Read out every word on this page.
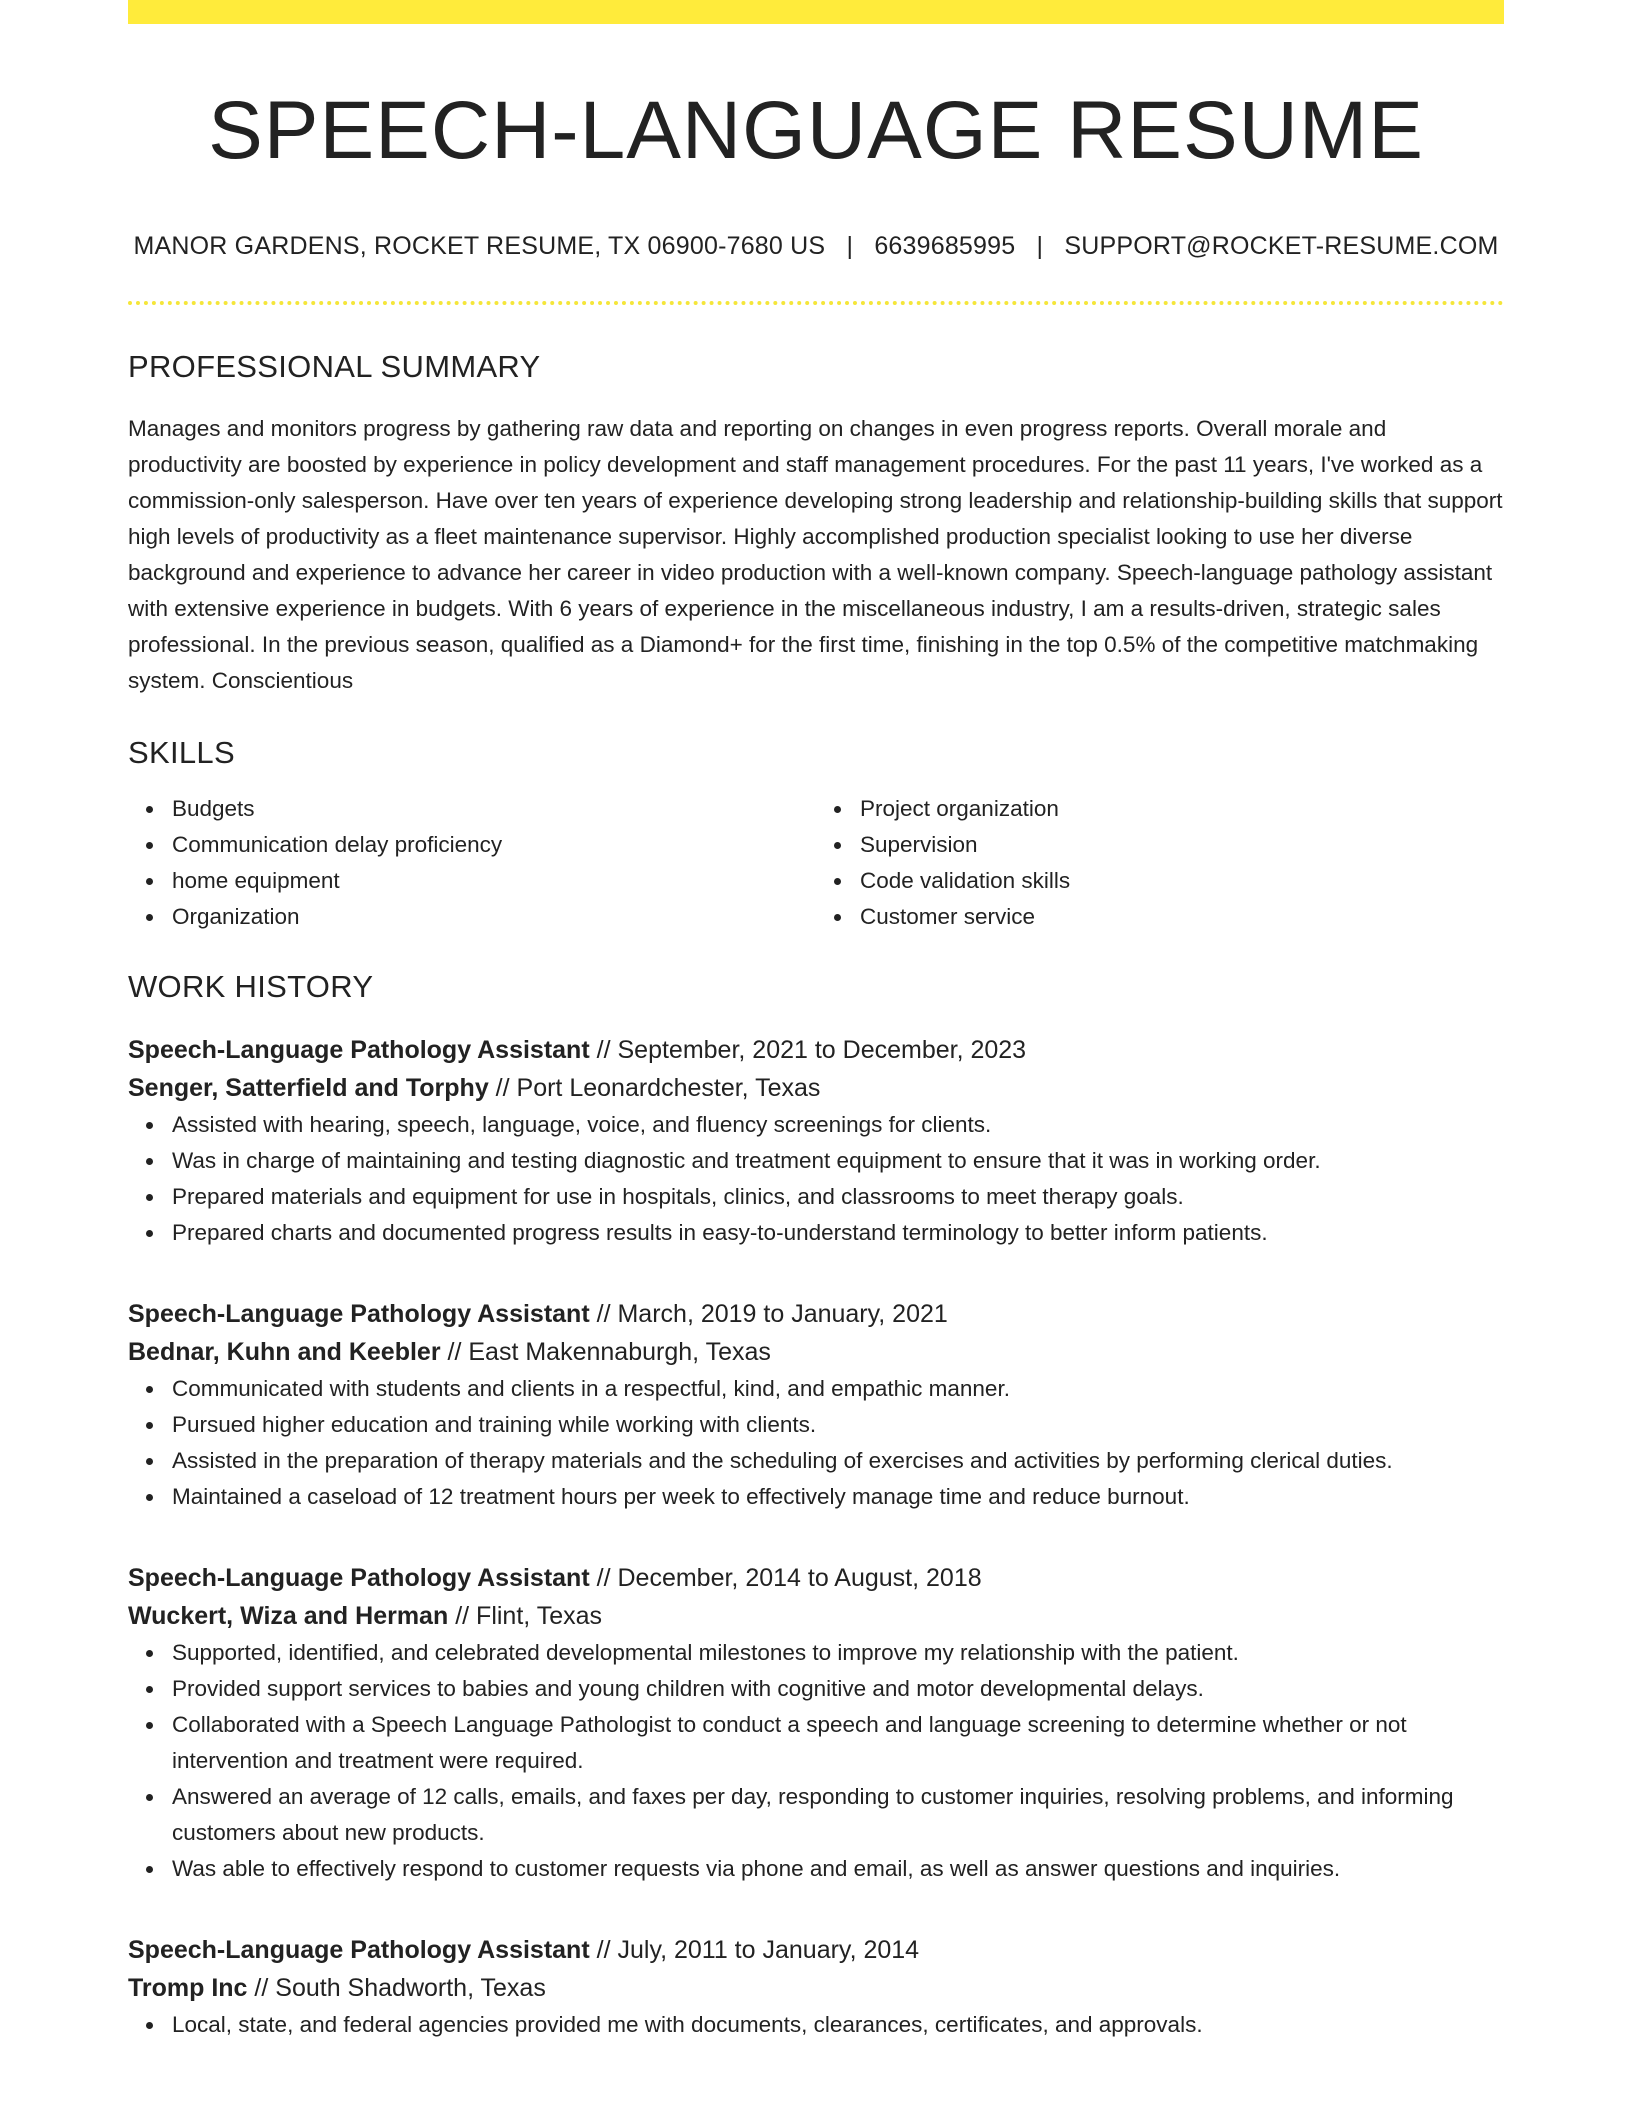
SPEECH-LANGUAGE RESUME
MANOR GARDENS, ROCKET RESUME, TX 06900-7680 US | 6639685995 | SUPPORT@ROCKET-RESUME.COM
PROFESSIONAL SUMMARY

Manages and monitors progress by gathering raw data and reporting on changes in even progress reports. Overall morale and productivity are boosted by experience in policy development and staff management procedures. For the past 11 years, I've worked as a commission-only salesperson. Have over ten years of experience developing strong leadership and relationship-building skills that support high levels of productivity as a fleet maintenance supervisor. Highly accomplished production specialist looking to use her diverse background and experience to advance her career in video production with a well-known company. Speech-language pathology assistant with extensive experience in budgets. With 6 years of experience in the miscellaneous industry, I am a results-driven, strategic sales professional. In the previous season, qualified as a Diamond+ for the first time, finishing in the top 0.5% of the competitive matchmaking system. Conscientious

SKILLS
Budgets
Communication delay proficiency
home equipment
Organization
Project organization
Supervision
Code validation skills
Customer service
WORK HISTORY
Speech-Language Pathology Assistant // September, 2021 to December, 2023
Senger, Satterfield and Torphy // Port Leonardchester, Texas
Assisted with hearing, speech, language, voice, and fluency screenings for clients.
Was in charge of maintaining and testing diagnostic and treatment equipment to ensure that it was in working order.
Prepared materials and equipment for use in hospitals, clinics, and classrooms to meet therapy goals.
Prepared charts and documented progress results in easy-to-understand terminology to better inform patients.
Speech-Language Pathology Assistant // March, 2019 to January, 2021
Bednar, Kuhn and Keebler // East Makennaburgh, Texas
Communicated with students and clients in a respectful, kind, and empathic manner.
Pursued higher education and training while working with clients.
Assisted in the preparation of therapy materials and the scheduling of exercises and activities by performing clerical duties.
Maintained a caseload of 12 treatment hours per week to effectively manage time and reduce burnout.
Speech-Language Pathology Assistant // December, 2014 to August, 2018
Wuckert, Wiza and Herman // Flint, Texas
Supported, identified, and celebrated developmental milestones to improve my relationship with the patient.
Provided support services to babies and young children with cognitive and motor developmental delays.
Collaborated with a Speech Language Pathologist to conduct a speech and language screening to determine whether or not intervention and treatment were required.
Answered an average of 12 calls, emails, and faxes per day, responding to customer inquiries, resolving problems, and informing customers about new products.
Was able to effectively respond to customer requests via phone and email, as well as answer questions and inquiries.
Speech-Language Pathology Assistant // July, 2011 to January, 2014
Tromp Inc // South Shadworth, Texas
Local, state, and federal agencies provided me with documents, clearances, certificates, and approvals.
